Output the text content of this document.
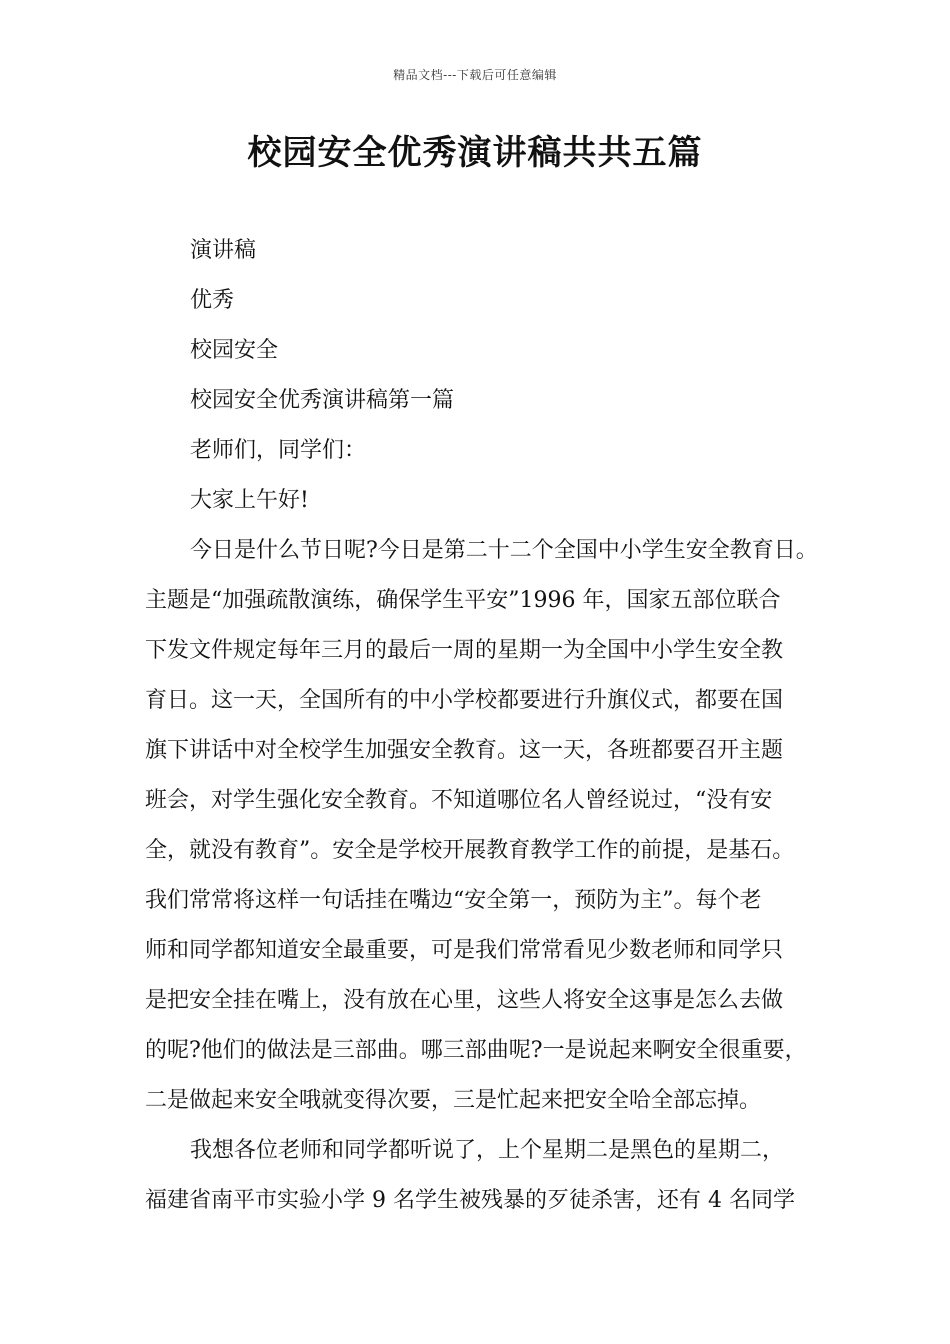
精品文档---下载后可任意编辑
校园安全优秀演讲稿共共五篇
演讲稿
优秀
校园安全
校园安全优秀演讲稿第一篇
老师们，同学们：
大家上午好!
今日是什么节日呢?今日是第二十二个全国中小学生安全教育日。
主题是“加强疏散演练，确保学生平安”1996 年，国家五部位联合
下发文件规定每年三月的最后一周的星期一为全国中小学生安全教
育日。这一天，全国所有的中小学校都要进行升旗仪式，都要在国
旗下讲话中对全校学生加强安全教育。这一天，各班都要召开主题
班会，对学生强化安全教育。不知道哪位名人曾经说过，“没有安
全，就没有教育”。安全是学校开展教育教学工作的前提，是基石。
我们常常将这样一句话挂在嘴边“安全第一，预防为主”。每个老
师和同学都知道安全最重要，可是我们常常看见少数老师和同学只
是把安全挂在嘴上，没有放在心里，这些人将安全这事是怎么去做
的呢?他们的做法是三部曲。哪三部曲呢?一是说起来啊安全很重要，
二是做起来安全哦就变得次要，三是忙起来把安全哈全部忘掉。
我想各位老师和同学都听说了，上个星期二是黑色的星期二，
福建省南平市实验小学 9 名学生被残暴的歹徒杀害，还有 4 名同学
